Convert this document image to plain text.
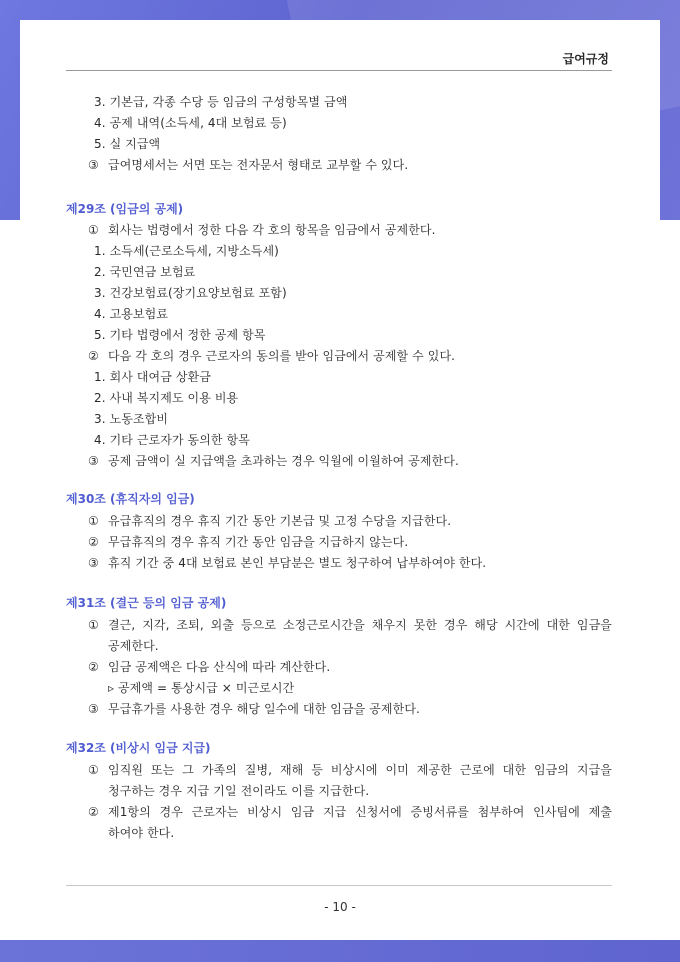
급여규정
3. 기본급, 각종 수당 등 임금의 구성항목별 금액
4. 공제 내역(소득세, 4대 보험료 등)
5. 실 지급액
③ 급여명세서는 서면 또는 전자문서 형태로 교부할 수 있다.
제29조 (임금의 공제)
① 회사는 법령에서 정한 다음 각 호의 항목을 임금에서 공제한다.
1. 소득세(근로소득세, 지방소득세)
2. 국민연금 보험료
3. 건강보험료(장기요양보험료 포함)
4. 고용보험료
5. 기타 법령에서 정한 공제 항목
② 다음 각 호의 경우 근로자의 동의를 받아 임금에서 공제할 수 있다.
1. 회사 대여금 상환금
2. 사내 복지제도 이용 비용
3. 노동조합비
4. 기타 근로자가 동의한 항목
③ 공제 금액이 실 지급액을 초과하는 경우 익월에 이월하여 공제한다.
제30조 (휴직자의 임금)
① 유급휴직의 경우 휴직 기간 동안 기본급 및 고정 수당을 지급한다.
② 무급휴직의 경우 휴직 기간 동안 임금을 지급하지 않는다.
③ 휴직 기간 중 4대 보험료 본인 부담분은 별도 청구하여 납부하여야 한다.
제31조 (결근 등의 임금 공제)
① 결근, 지각, 조퇴, 외출 등으로 소정근로시간을 채우지 못한 경우 해당 시간에 대한 임금을
공제한다.
② 임금 공제액은 다음 산식에 따라 계산한다.
▹ 공제액 = 통상시급 × 미근로시간
③ 무급휴가를 사용한 경우 해당 일수에 대한 임금을 공제한다.
제32조 (비상시 임금 지급)
① 임직원 또는 그 가족의 질병, 재해 등 비상시에 이미 제공한 근로에 대한 임금의 지급을
청구하는 경우 지급 기일 전이라도 이를 지급한다.
② 제1항의 경우 근로자는 비상시 임금 지급 신청서에 증빙서류를 첨부하여 인사팀에 제출
하여야 한다.
- 10 -
